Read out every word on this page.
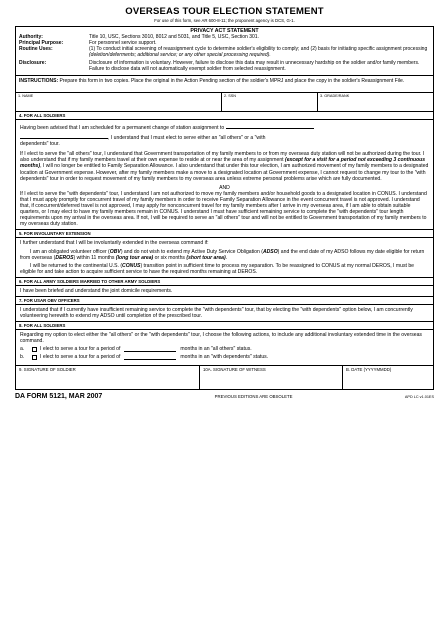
OVERSEAS TOUR ELECTION STATEMENT
For use of this form, see AR 600-8-11; the proponent agency is DCS, G-1.
PRIVACY ACT STATEMENT
Authority:	Title 10, USC, Sections 3010, 8012 and 5031, and Title 5, USC, Section 301.
Principal Purpose:	For personnel service support.
Routine Uses:	(1) To conduct initial screening of reassignment cycle to determine soldier's eligibility to comply; and (2) basis for initiating specific assignment processing (deletion/deferments; additional service; or any other special processing required).
Disclosure:	Disclosure of information is voluntary. However, failure to disclose this data may result in unnecessary hardship on the soldier and/or family members. Failure to disclose data will not automatically exempt soldier from selected reassignment.
INSTRUCTIONS: Prepare this form in two copies. Place the original in the Action Pending section of the soldier's MPRJ and place the copy in the soldier's Reassignment File.
1. NAME	2. SSN	3. GRADE/RANK
4. FOR ALL SOLDIERS

Having been advised that I am scheduled for a permanent change of station assignment to

, I understand that I must elect to serve either an "all others" or a "with

dependents" tour.

If I elect to serve the "all others" tour, I understand that Government transportation of my family members to or from my overseas duty station will not be authorized during the tour. I also understand that if my family members travel at their own expense to reside at or near the area of my assignment (except for a visit for a period not exceeding 3 continuous months), I will no longer be entitled to Family Separation Allowance. I also understand that under this tour election, I am authorized movement of my family members to a designated location at Government expense. However, after my family members make a move to a designated location at Government expense, I cannot request to change my tour to the "with dependents" tour in order to request movement of my family members to my overseas area unless extreme personal problems arise which are fully documented.

AND

If I elect to serve the "with dependents" tour, I understand I am not authorized to move my family members and/or household goods to a designated location in CONUS. I understand that I must apply promptly for concurrent travel of my family members in order to receive Family Separation Allowance in the event concurrent travel is not approved. I understand that, if concurrent/deferred travel is not approved, I may apply for nonconcurrent travel for my family members after I arrive in my overseas area, if I am able to obtain suitable quarters, or I may elect to have my family members remain in CONUS. I understand I must have sufficient remaining service to complete the "with dependents" tour length requirements upon my arrival in the overseas area. If not, I will be required to serve an "all others" tour and will not be entitled to Government transportation of my family members to my overseas duty station.

5. FOR INVOLUNTARY EXTENSION

I further understand that I will be involuntarily extended in the overseas command if:

I am an obligated volunteer officer (OBV) and do not wish to extend my Active Duty Service Obligation (ADSO) and the end date of my ADSO follows my date eligible for return from overseas (DEROS) within 11 months (long tour area) or six months (short tour area).

I will be returned to the continental U.S. (CONUS) transition point in sufficient time to process my separation. To be reassigned to CONUS at my normal DEROS, I must be eligible for and take action to acquire sufficient service to have the required months remaining at DEROS.

6. FOR ALL ARMY SOLDIERS MARRIED TO OTHER ARMY SOLDIERS

I have been briefed and understand the joint domicile requirements.

7. FOR USAR OBV OFFICERS

I understand that if I currently have insufficient remaining service to complete the "with dependents" tour, that by electing the "with dependents" option below, I am concurrently volunteering herewith to extend my ADSO until completion of the prescribed tour.

8. FOR ALL SOLDIERS

Regarding my option to elect either the "all others" or the "with dependents" tour, I choose the following actions, to include any additional involuntary extended time in the overseas command.

a.	I elect to serve a tour for a period of	months in an "all others" status.
b.	I elect to serve a tour for a period of	months in an "with dependents" status.
9. SIGNATURE OF SOLDIER	10A. SIGNATURE OF WITNESS	B. DATE (YYYYMMDD)
DA FORM 5121, MAR 2007	PREVIOUS EDITIONS ARE OBSOLETE	APD LC v1.01ES
